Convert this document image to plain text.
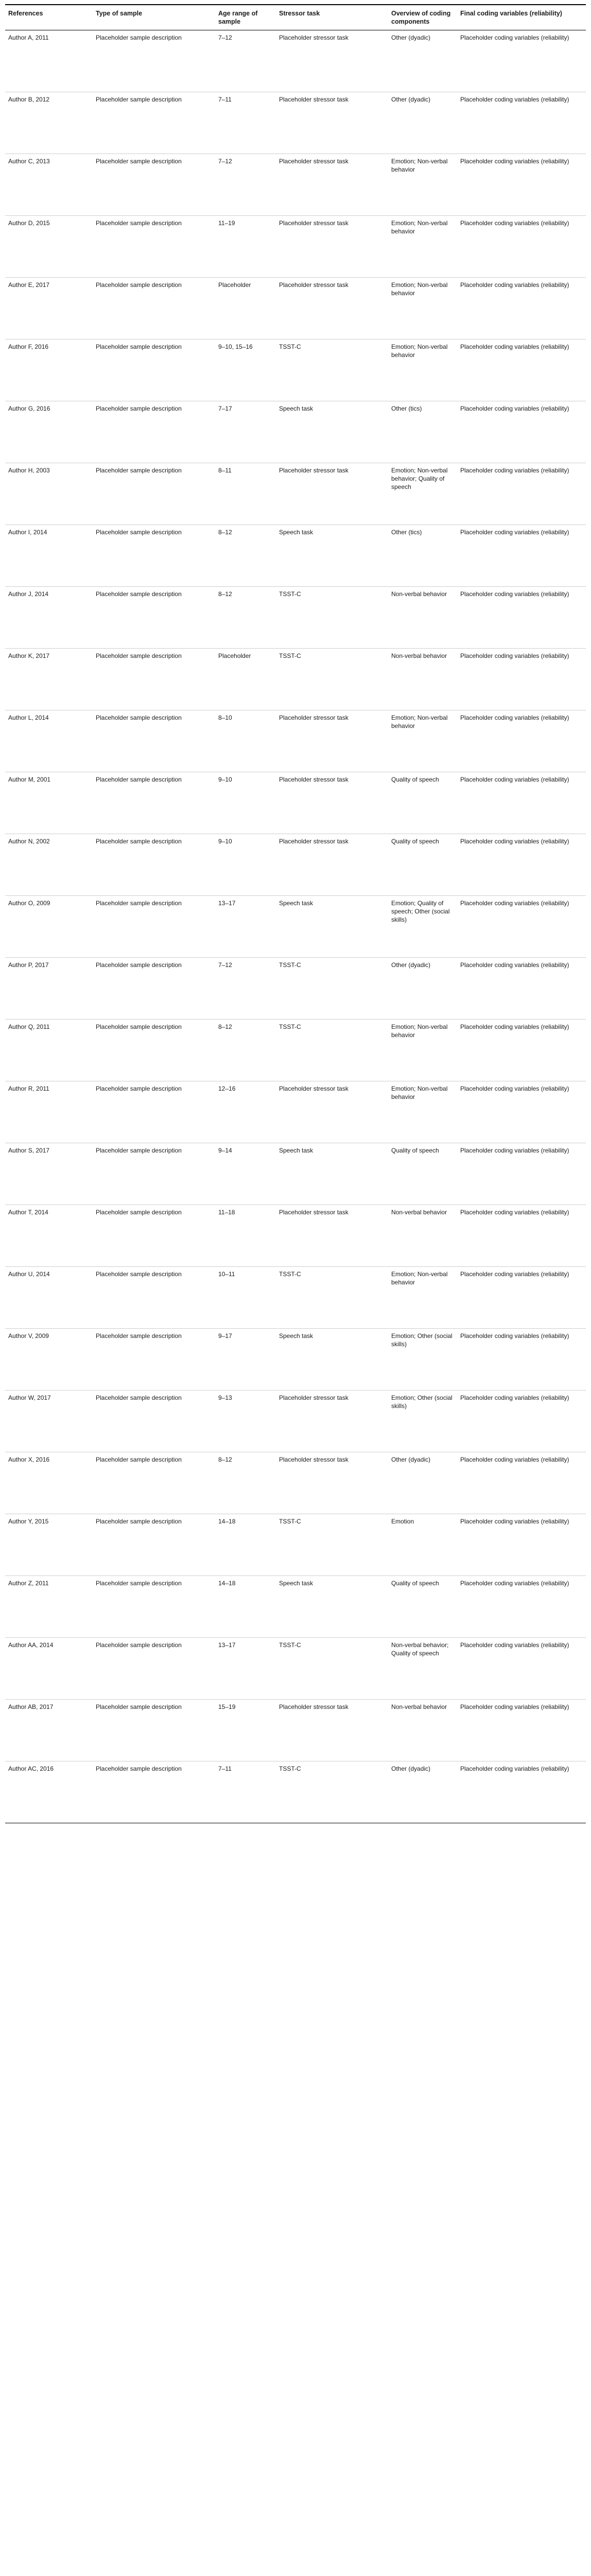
References	Type of sample	Age range of sample	Stressor task	Overview of coding components	Final coding variables (reliability)
Author A, 2011	Placeholder sample description	7–12	Placeholder stressor task	Other (dyadic)	Placeholder coding variables (reliability)
Author B, 2012	Placeholder sample description	7–11	Placeholder stressor task	Other (dyadic)	Placeholder coding variables (reliability)
Author C, 2013	Placeholder sample description	7–12	Placeholder stressor task	Emotion; Non-verbal behavior	Placeholder coding variables (reliability)
Author D, 2015	Placeholder sample description	11–19	Placeholder stressor task	Emotion; Non-verbal behavior	Placeholder coding variables (reliability)
Author E, 2017	Placeholder sample description	Placeholder	Placeholder stressor task	Emotion; Non-verbal behavior	Placeholder coding variables (reliability)
Author F, 2016	Placeholder sample description	9–10, 15–16	TSST-C	Emotion; Non-verbal behavior	Placeholder coding variables (reliability)
Author G, 2016	Placeholder sample description	7–17	Speech task	Other (tics)	Placeholder coding variables (reliability)
Author H, 2003	Placeholder sample description	8–11	Placeholder stressor task	Emotion; Non-verbal behavior; Quality of speech	Placeholder coding variables (reliability)
Author I, 2014	Placeholder sample description	8–12	Speech task	Other (tics)	Placeholder coding variables (reliability)
Author J, 2014	Placeholder sample description	8–12	TSST-C	Non-verbal behavior	Placeholder coding variables (reliability)
Author K, 2017	Placeholder sample description	Placeholder	TSST-C	Non-verbal behavior	Placeholder coding variables (reliability)
Author L, 2014	Placeholder sample description	8–10	Placeholder stressor task	Emotion; Non-verbal behavior	Placeholder coding variables (reliability)
Author M, 2001	Placeholder sample description	9–10	Placeholder stressor task	Quality of speech	Placeholder coding variables (reliability)
Author N, 2002	Placeholder sample description	9–10	Placeholder stressor task	Quality of speech	Placeholder coding variables (reliability)
Author O, 2009	Placeholder sample description	13–17	Speech task	Emotion; Quality of speech; Other (social skills)	Placeholder coding variables (reliability)
Author P, 2017	Placeholder sample description	7–12	TSST-C	Other (dyadic)	Placeholder coding variables (reliability)
Author Q, 2011	Placeholder sample description	8–12	TSST-C	Emotion; Non-verbal behavior	Placeholder coding variables (reliability)
Author R, 2011	Placeholder sample description	12–16	Placeholder stressor task	Emotion; Non-verbal behavior	Placeholder coding variables (reliability)
Author S, 2017	Placeholder sample description	9–14	Speech task	Quality of speech	Placeholder coding variables (reliability)
Author T, 2014	Placeholder sample description	11–18	Placeholder stressor task	Non-verbal behavior	Placeholder coding variables (reliability)
Author U, 2014	Placeholder sample description	10–11	TSST-C	Emotion; Non-verbal behavior	Placeholder coding variables (reliability)
Author V, 2009	Placeholder sample description	9–17	Speech task	Emotion; Other (social skills)	Placeholder coding variables (reliability)
Author W, 2017	Placeholder sample description	9–13	Placeholder stressor task	Emotion; Other (social skills)	Placeholder coding variables (reliability)
Author X, 2016	Placeholder sample description	8–12	Placeholder stressor task	Other (dyadic)	Placeholder coding variables (reliability)
Author Y, 2015	Placeholder sample description	14–18	TSST-C	Emotion	Placeholder coding variables (reliability)
Author Z, 2011	Placeholder sample description	14–18	Speech task	Quality of speech	Placeholder coding variables (reliability)
Author AA, 2014	Placeholder sample description	13–17	TSST-C	Non-verbal behavior; Quality of speech	Placeholder coding variables (reliability)
Author AB, 2017	Placeholder sample description	15–19	Placeholder stressor task	Non-verbal behavior	Placeholder coding variables (reliability)
Author AC, 2016	Placeholder sample description	7–11	TSST-C	Other (dyadic)	Placeholder coding variables (reliability)
